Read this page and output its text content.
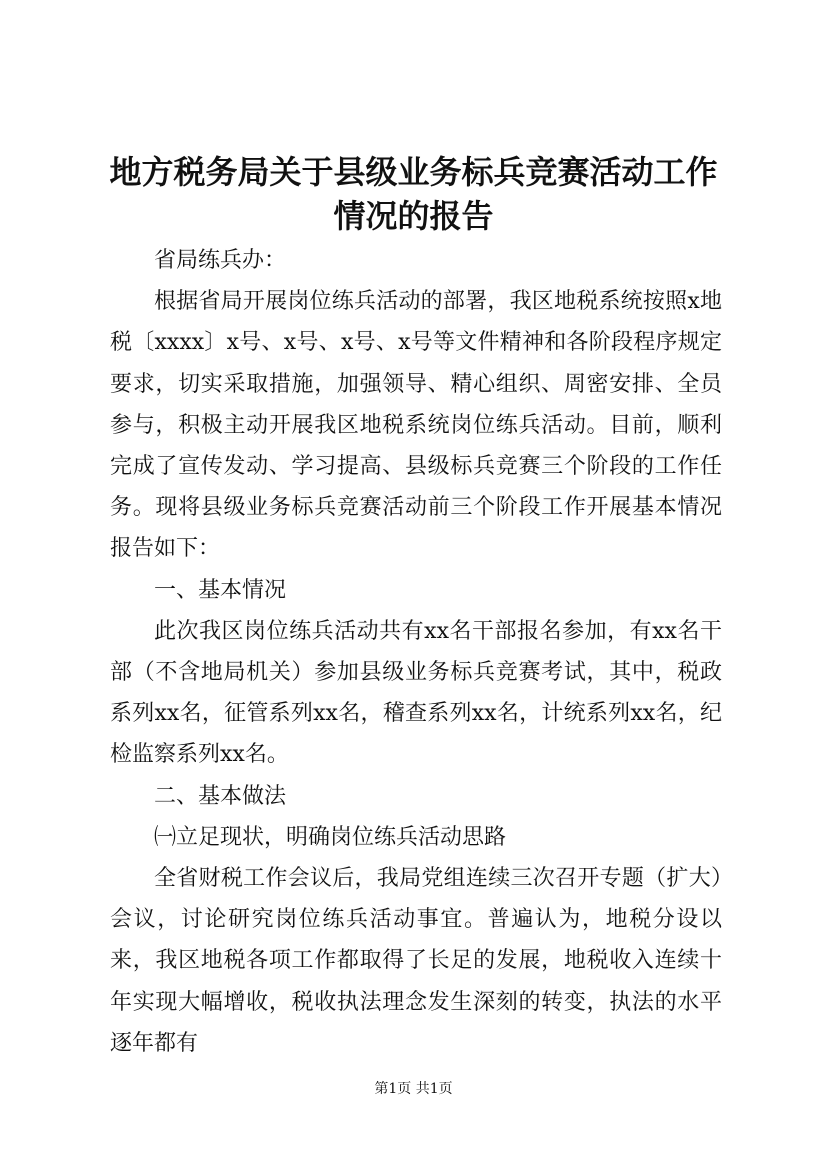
地方税务局关于县级业务标兵竞赛活动工作情况的报告

省局练兵办：

根据省局开展岗位练兵活动的部署，我区地税系统按照x地税〔xxxx〕x号、x号、x号、x号等文件精神和各阶段程序规定要求，切实采取措施，加强领导、精心组织、周密安排、全员参与，积极主动开展我区地税系统岗位练兵活动。目前，顺利完成了宣传发动、学习提高、县级标兵竞赛三个阶段的工作任务。现将县级业务标兵竞赛活动前三个阶段工作开展基本情况报告如下：

一、基本情况

此次我区岗位练兵活动共有xx名干部报名参加，有xx名干部（不含地局机关）参加县级业务标兵竞赛考试，其中，税政系列xx名，征管系列xx名，稽查系列xx名，计统系列xx名，纪检监察系列xx名。

二、基本做法

㈠立足现状，明确岗位练兵活动思路

全省财税工作会议后，我局党组连续三次召开专题（扩大）会议，讨论研究岗位练兵活动事宜。普遍认为，地税分设以来，我区地税各项工作都取得了长足的发展，地税收入连续十年实现大幅增收，税收执法理念发生深刻的转变，执法的水平逐年都有

第1页 共1页
